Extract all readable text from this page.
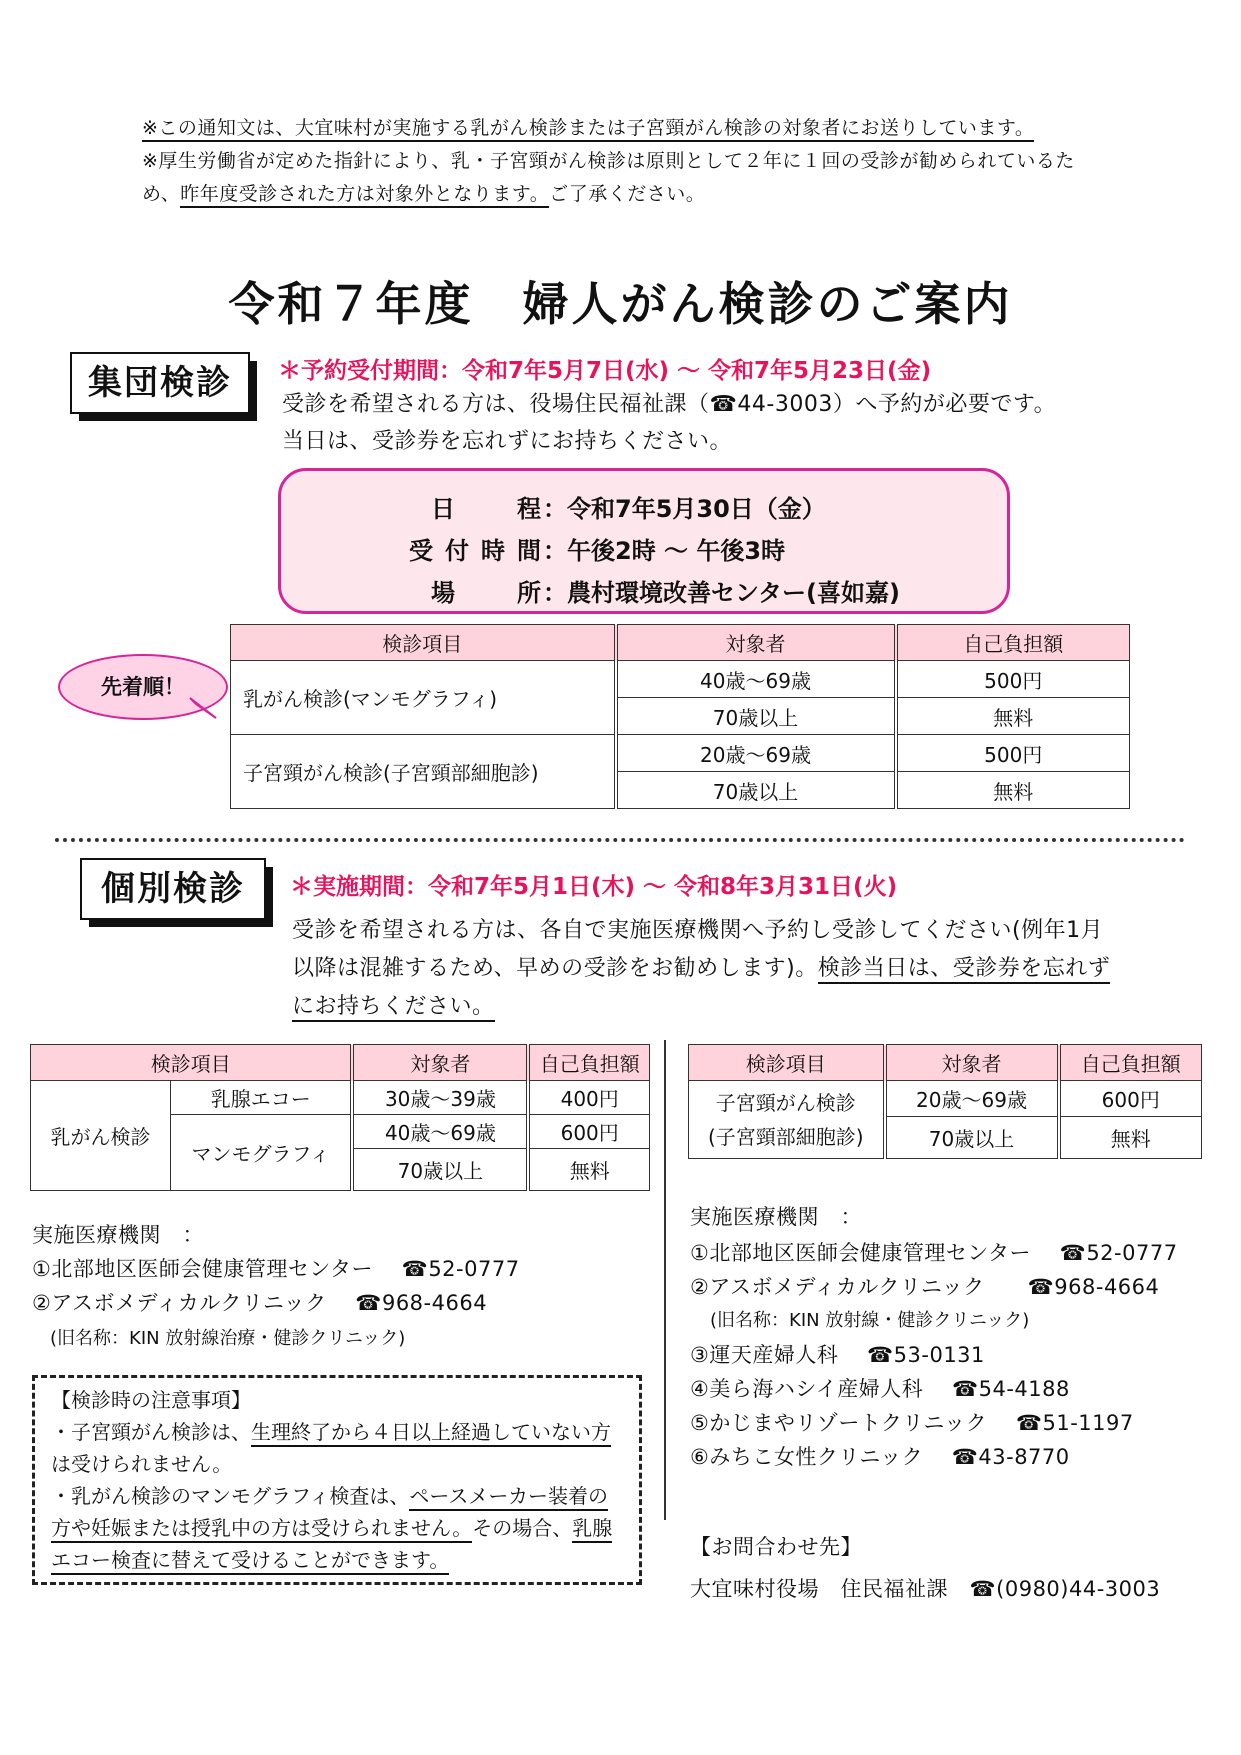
※この通知文は、大宜味村が実施する乳がん検診または子宮頸がん検診の対象者にお送りしています。
※厚生労働省が定めた指針により、乳・子宮頸がん検診は原則として２年に１回の受診が勧められているた
め、昨年度受診された方は対象外となります。ご了承ください。
令和７年度　婦人がん検診のご案内
集団検診	＊予約受付期間：令和7年5月7日(水) ～ 令和7年5月23日(金)
受診を希望される方は、役場住民福祉課（☎44-3003）へ予約が必要です。
当日は、受診券を忘れずにお持ちください。
日　程 ：令和7年5月30日（金）
受付時間 ：午後2時 ～ 午後3時
場　所 ：農村環境改善センター(喜如嘉)
先着順！
検診項目	対象者	自己負担額
乳がん検診(マンモグラフィ)	40歳～69歳	500円
	70歳以上	無料
子宮頸がん検診(子宮頸部細胞診)	20歳～69歳	500円
	70歳以上	無料
個別検診	＊実施期間：令和7年5月1日(木) ～ 令和8年3月31日(火)
受診を希望される方は、各自で実施医療機関へ予約し受診してください(例年1月
以降は混雑するため、早めの受診をお勧めします)。検診当日は、受診券を忘れず
にお持ちください。
検診項目		対象者	自己負担額
乳がん検診	乳腺エコー	30歳～39歳	400円
	マンモグラフィ	40歳～69歳	600円
		70歳以上	無料
検診項目	対象者	自己負担額

子宮頸がん検診
(子宮頸部細胞診)	20歳～69歳	600円
	70歳以上	無料
実施医療機関　：
①北部地区医師会健康管理センター　 ☎52-0777
②アスボメディカルクリニック　 ☎968-4664
(旧名称：KIN 放射線治療・健診クリニック)
【検診時の注意事項】
・子宮頸がん検診は、生理終了から４日以上経過していない方は受けられません。
・乳がん検診のマンモグラフィ検査は、ペースメーカー装着の方や妊娠または授乳中の方は受けられません。その場合、乳腺エコー検査に替えて受けることができます。
実施医療機関　：
①北部地区医師会健康管理センター　 ☎52-0777
②アスボメディカルクリニック　　☎968-4664
(旧名称：KIN 放射線・健診クリニック)
③運天産婦人科　 ☎53-0131
④美ら海ハシイ産婦人科　 ☎54-4188
⑤かじまやリゾートクリニック　 ☎51-1197
⑥みちこ女性クリニック　 ☎43-8770
【お問合わせ先】
大宜味村役場　住民福祉課　☎(0980)44-3003
